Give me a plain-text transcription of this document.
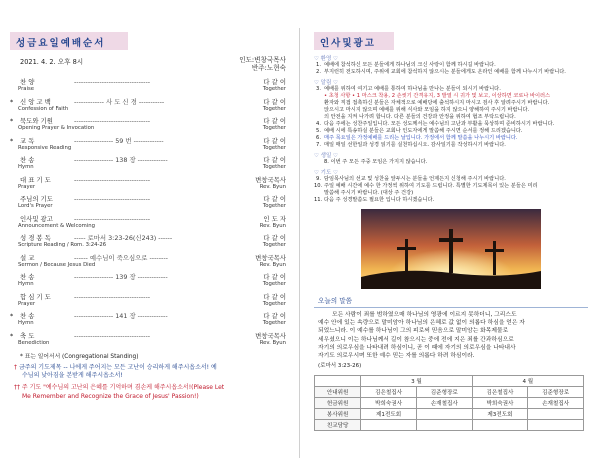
성금요일예배순서
2021. 4. 2. 오후 8시	인도:변창국목사
반주:노현숙
찬 양	---------------------------------	다 같 이
Praise	Together
*	신 앙 고 백	------------- 사 도 신 경 -----------	다 같 이
Confession of Faith	Together
*	묵도와 기원	---------------------------------	다 같 이
Opening Prayer & Invocation	Together
*	교 독	----------------- 59 번 -------------	다 같 이
Responsive Reading	Together
찬 송	----------------- 138 장 -------------	다 같 이
Hymn	Together
대 표 기 도	---------------------------------	변창국목사
Prayer	Rev. Byun
주님의 기도	---------------------------------	다 같 이
Lord's Prayer	Together
인사및 광고	---------------------------------	인 도 자
Announcement & Welcoming	Rev. Byun
성 경 봉 독	----- 로마서 3:23-26(신243) ------	다 같 이
Scripture Reading / Rom. 3:24-26	Together
설 교	------ 예수님이 죽으심으로 --------	변창국목사
Sermon / Because Jesus Died	Rev. Byun
찬 송	----------------- 139 장 -------------	다 같 이
Hymn	Together
합 심 기 도	---------------------------------	다 같 이
Prayer	Together
*	찬 송	----------------- 141 장 -------------	다 같 이
Hymn	Together
*	축 도	---------------------------------	변창국목사
Benediction	Rev. Byun
* 표는 일어서서 (Congregational Standing)
† 금주의 기도제목 -- 나에게 주어지는 모든 고난이 승리하게 해주시옵소서! 예
수님의 낮아짐을 본받게 해주시옵소서!
†† 주 기도 "예수님의 고난의 은혜를 기억하며 겸손케 해주시옵소서!(Please Let
Me Remember and Recognize the Grace of Jesus' Passion!)
인사및광고
♡ 환영 ♡
1. 예배에 참석하신 모든 분들에게 하나님의 크신 사랑이 함께 하시길 바랍니다.
2. 부지런히 전도하시며, 주위에 교회에 참석하지 않으시는 분들에게도 온라인 예배를 함께 나누시기 바랍니다.
♡ 알림 ♡
3. 예배를 위하여 여기고 예배를 통하여 하나님을 만나는 분들이 되시기 바랍니다.
• 초청 사항 • 1 마스크 착용, 2 손씻기 간격유지, 3 발열 시 귀가 및 보고, 이상하면 코로나 바이러스
환자와 직접 접촉하신 분들은 자체적으로 예배당에 출석하시지 마시고 검사 후 알려주시기 바랍니다.
앉으시고 마시지 않으며 예배를 위해 식사와 모임을 하지 않으니 양해하여 주시기 바랍니다.
의 안전을 지켜 나가려 합니다. 다른 분들의 건강과 안정을 위하여 협조 부탁드립니다.
4. 다음 주에는 성찬주일입니다. 모든 성도께서는 예수님의 고난과 부활을 묵상하며 준비하시기 바랍니다.
5. 예배 시에 특송하실 분들은 교회나 인도자에게 말씀해 주시면 순서를 정해 드리겠습니다.
6. 매주 목요일은 가정예배를 드리는 날입니다. 가정에서 함께 말씀을 나누시기 바랍니다.
7. 매일 매일 선한일과 성경 읽기를 실천하십시오. 감사일기를 작성하시기 바랍니다.
♡ 생일 ♡
8. 이번 주 모든 주중 모임은 가지지 않습니다.
♡ 기도 ♡
9. 담임목사님의 선교 및 성찬을 앞두시는 분들을 언제든지 신청해 주시기 바랍니다.
10. 주일 예배 시간에 예수 한 가정씩 위하여 기도를 드립니다. 특별한 기도제목이 있는 분들은 미리
말씀해 주시기 바랍니다. (대상 주 건강)
11. 다음 주 성경말씀도 필요한 입니다 하시겠습니다.
오늘의 말씀
모든 사람이 죄를 범하였으매 하나님의 영광에 이르지 못하더니, 그리스도
예수 안에 있는 속량으로 말미암아 하나님의 은혜로 값 없이 의롭다 하심을 얻은 자
되었느니라. 이 예수를 하나님이 그의 피로써 믿음으로 말미암는 화목제물로
세우셨으니 이는 하나님께서 길이 참으시는 중에 전에 지은 죄를 간과하심으로
자기의 의로우심을 나타내려 하심이니, 곧 이 때에 자기의 의로우심을 나타내사
자기도 의로우시며 또한 예수 믿는 자를 의롭다 하려 하심이라.
(로마서 3:23-26)
	3 월		4 월	
안내위원	김은철집사	김준형장로	김은철집사	김준형장로
헌금위원	박희숙권사	손재철집사	박희숙권사	손재철집사
봉사위원	제1전도회		제3전도회	
친교담당				
